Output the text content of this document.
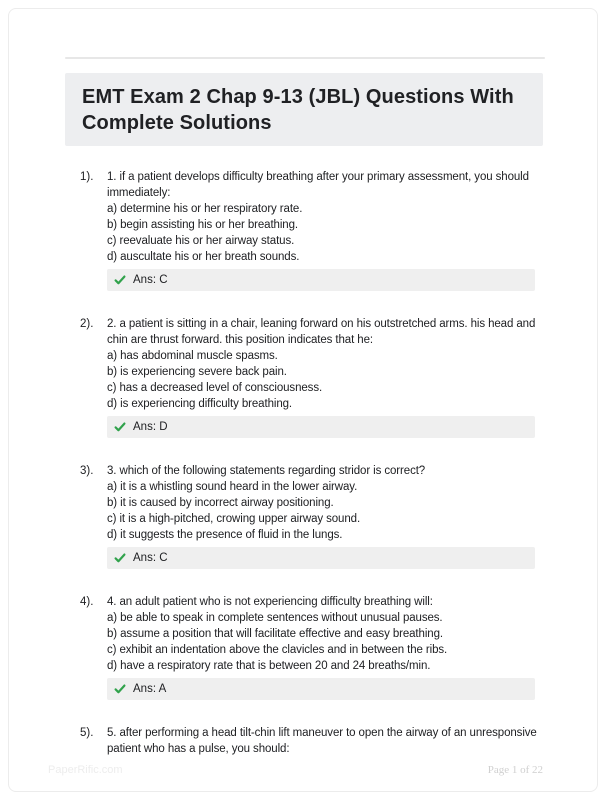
EMT Exam 2 Chap 9-13 (JBL) Questions With Complete Solutions
1).	1. if a patient develops difficulty breathing after your primary assessment, you should
immediately:
a) determine his or her respiratory rate.
b) begin assisting his or her breathing.
c) reevaluate his or her airway status.
d) auscultate his or her breath sounds.
Ans: C
2).	2. a patient is sitting in a chair, leaning forward on his outstretched arms. his head and
chin are thrust forward. this position indicates that he:
a) has abdominal muscle spasms.
b) is experiencing severe back pain.
c) has a decreased level of consciousness.
d) is experiencing difficulty breathing.
Ans: D
3).	3. which of the following statements regarding stridor is correct?
a) it is a whistling sound heard in the lower airway.
b) it is caused by incorrect airway positioning.
c) it is a high-pitched, crowing upper airway sound.
d) it suggests the presence of fluid in the lungs.
Ans: C
4).	4. an adult patient who is not experiencing difficulty breathing will:
a) be able to speak in complete sentences without unusual pauses.
b) assume a position that will facilitate effective and easy breathing.
c) exhibit an indentation above the clavicles and in between the ribs.
d) have a respiratory rate that is between 20 and 24 breaths/min.
Ans: A
5).	5. after performing a head tilt-chin lift maneuver to open the airway of an unresponsive
patient who has a pulse, you should:
PaperRific.com	Page 1 of 22
